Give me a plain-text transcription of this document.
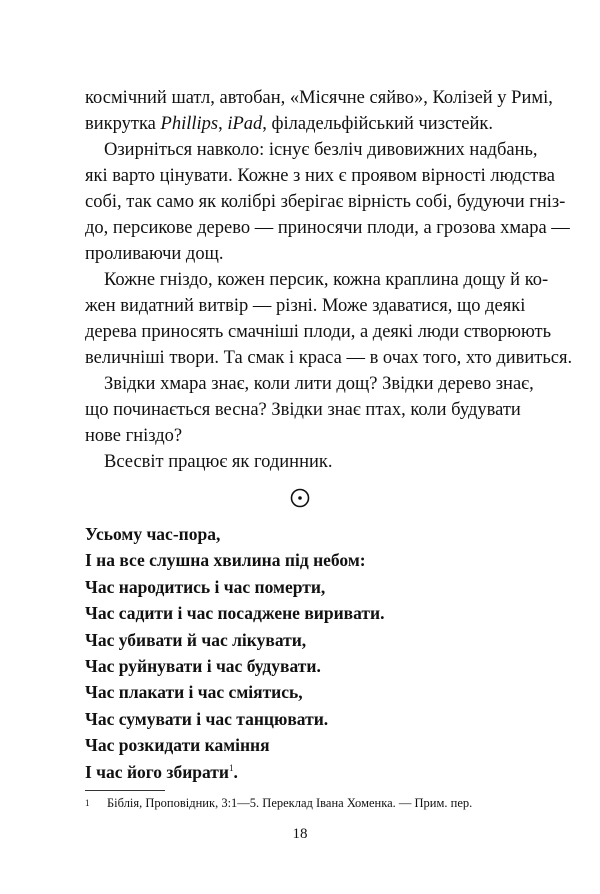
космічний шатл, автобан, «Місячне сяйво», Колізей у Римі,
викрутка Phillips, iPad, філадельфійський чизстейк.
Озирніться навколо: існує безліч дивовижних надбань,
які варто цінувати. Кожне з них є проявом вірності людства
собі, так само як колібрі зберігає вірність собі, будуючи гніз-
до, персикове дерево — приносячи плоди, а грозова хмара —
проливаючи дощ.
Кожне гніздо, кожен персик, кожна краплина дощу й ко-
жен видатний витвір — різні. Може здаватися, що деякі
дерева приносять смачніші плоди, а деякі люди створюють
величніші твори. Та смак і краса — в очах того, хто дивиться.
Звідки хмара знає, коли лити дощ? Звідки дерево знає,
що починається весна? Звідки знає птах, коли будувати
нове гніздо?
Всесвіт працює як годинник.
Усьому час-пора,
І на все слушна хвилина під небом:
Час народитись і час померти,
Час садити і час посаджене виривати.
Час убивати й час лікувати,
Час руйнувати і час будувати.
Час плакати і час сміятись,
Час сумувати і час танцювати.
Час розкидати каміння
І час його збирати$^1$.
1 Біблія, Проповідник, 3:1—5. Переклад Івана Хоменка. — Прим. пер.
18
